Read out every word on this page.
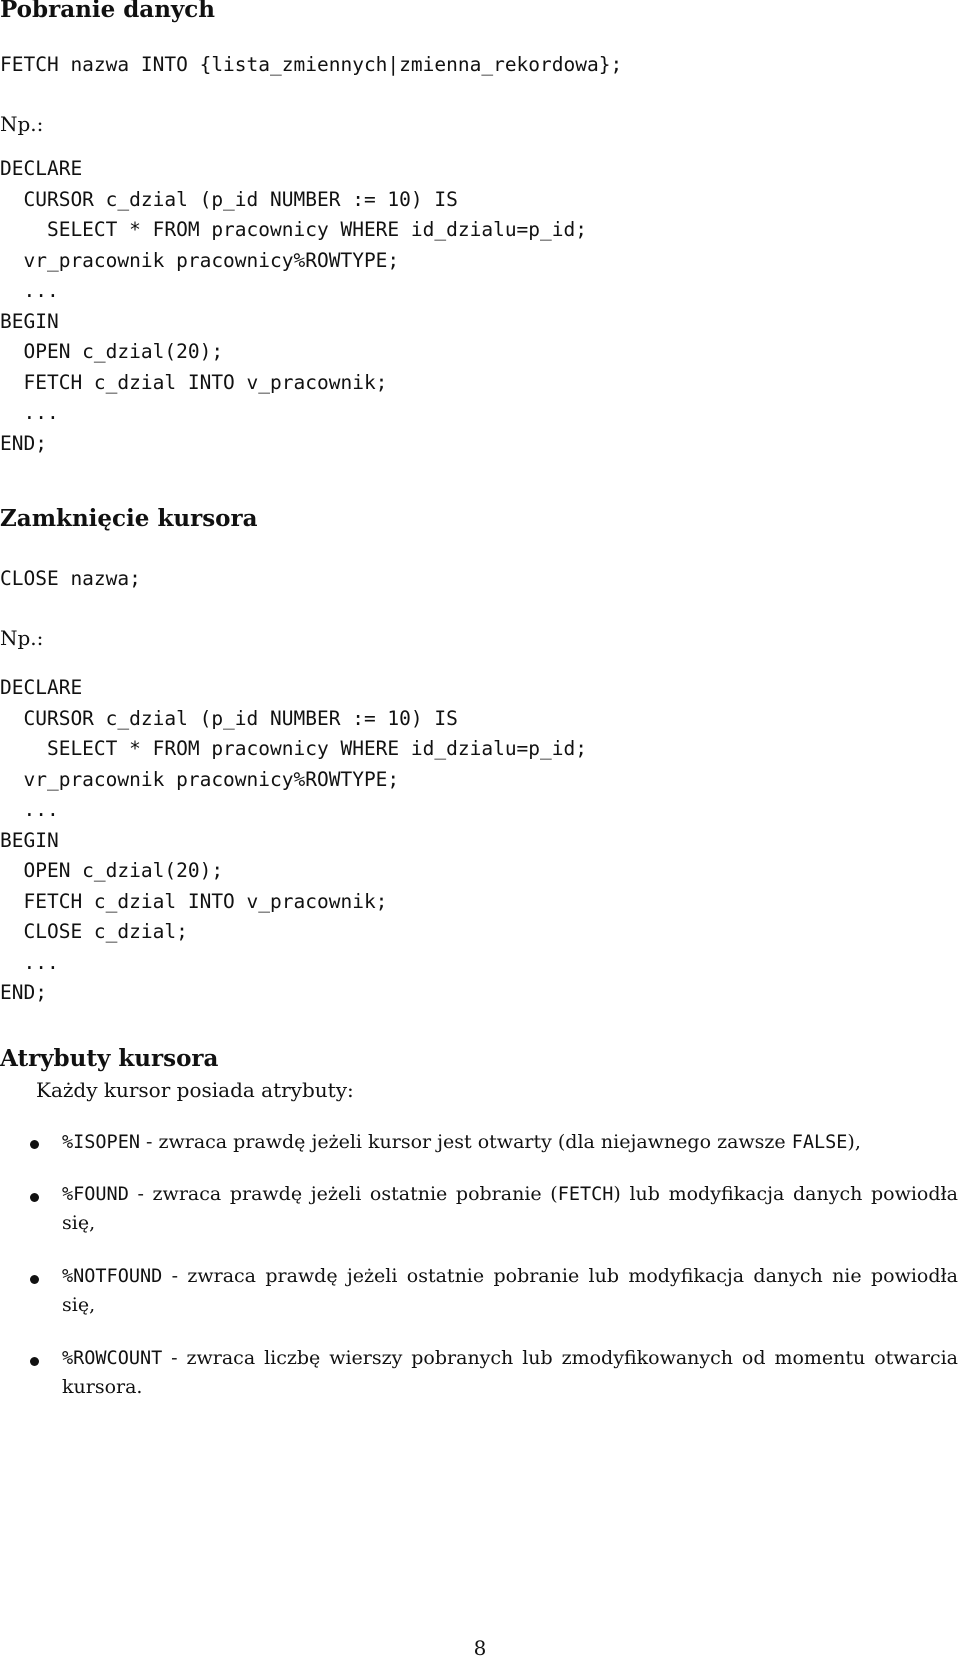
Pobranie danych
FETCH nazwa INTO {lista_zmiennych|zmienna_rekordowa};
Np.:
DECLARE
CURSOR c_dzial (p_id NUMBER := 10) IS
SELECT * FROM pracownicy WHERE id_dzialu=p_id;
vr_pracownik pracownicy%ROWTYPE;
...
BEGIN
OPEN c_dzial(20);
FETCH c_dzial INTO v_pracownik;
...
END;
Zamknięcie kursora
CLOSE nazwa;
Np.:
DECLARE
CURSOR c_dzial (p_id NUMBER := 10) IS
SELECT * FROM pracownicy WHERE id_dzialu=p_id;
vr_pracownik pracownicy%ROWTYPE;
...
BEGIN
OPEN c_dzial(20);
FETCH c_dzial INTO v_pracownik;
CLOSE c_dzial;
...
END;
Atrybuty kursora
Każdy kursor posiada atrybuty:
%ISOPEN - zwraca prawdę jeżeli kursor jest otwarty (dla niejawnego zawsze FALSE),
%FOUND - zwraca prawdę jeżeli ostatnie pobranie (FETCH) lub modyfikacja danych powiodła się,
%NOTFOUND - zwraca prawdę jeżeli ostatnie pobranie lub modyfikacja danych nie powiodła się,
%ROWCOUNT - zwraca liczbę wierszy pobranych lub zmodyfikowanych od momentu otwarcia kursora.
8
